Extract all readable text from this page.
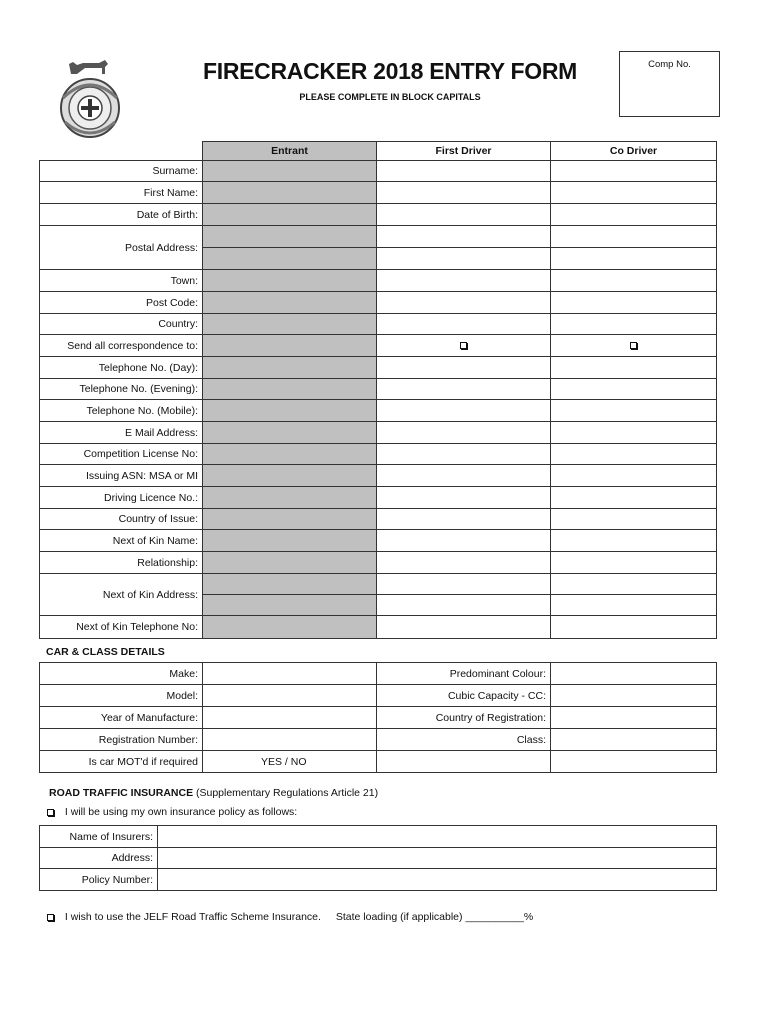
FIRECRACKER 2018 ENTRY FORM
PLEASE COMPLETE IN BLOCK CAPITALS
Comp No.
	Entrant	First Driver	Co Driver
Surname:			
First Name:			
Date of Birth:		

Postal Address:	

Town:			
Post Code:			
Country:			
Send all correspondence to:			
Telephone No. (Day):			
Telephone No. (Evening):			
Telephone No. (Mobile):			
E Mail Address:			
Competition License No:			
Issuing ASN: MSA or MI			
Driving Licence No.:			
Country of Issue:			
Next of Kin Name:			
Relationship:			
Next of Kin Address:	

Next of Kin Telephone No:			
CAR & CLASS DETAILS
Make:		Predominant Colour:	
Model:		Cubic Capacity - CC:	
Year of Manufacture:		Country of Registration:	
Registration Number:		Class:	
Is car MOT'd if required	YES / NO		
ROAD TRAFFIC INSURANCE (Supplementary Regulations Article 21)
I will be using my own insurance policy as follows:
Name of Insurers:	
Address:	
Policy Number:	
I wish to use the JELF Road Traffic Scheme Insurance. State loading (if applicable) __________%
